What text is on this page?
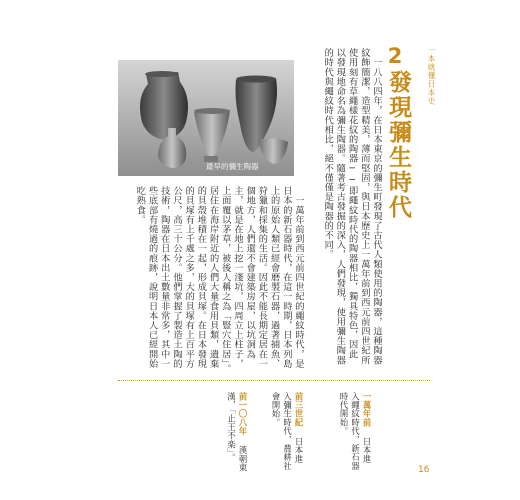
最早的彌生陶器
一本就懂日本史
2
發現彌生時代
　一八八四年，在日本東京的彌生町發現了古代人類使用的陶器，這種陶器紋飾簡潔，造型精美，薄而堅固，與日本歷史上一萬年前到西元前四世紀所使用刻有草繩樣花紋的陶器──即繩紋時代的陶器相比，獨具特色，因此以發現地命名為彌生陶器。隨著考古發掘的深入，人們發現，使用彌生陶器的時代與繩紋時代相比，絕不僅僅是陶器的不同。
　一萬年前到西元前四世紀的繩紋時代，是日本的新石器時代，在這一時期，日本列島上的原始人類已經會磨製石器，過著捕魚、狩獵和採集的生活。因此不能長期定居在一個地方，人們還不會建築房屋，以坑洞為主，就是在地上挖一淺坑，四周立上柱子，上面覆以茅草，被後人稱之為「豎穴住居」。居住在海岸附近的人們大量食用貝類，遺棄的貝殼堆積在一起，形成貝塚。在日本發現的貝塚有上千處之多，大的貝塚有上百平方公尺，高三十公分。他們掌握了製造土陶的技術，陶器在日本出土數量非常多，其中一些底部有燒過的痕跡，說明日本人已經開始吃熟食。
一萬年前 日本進入繩紋時代，新石器時代開始。
前三世紀 日本進入彌生時代，農耕社會開始。
前一〇八年 漢朝東漢，「止王不楽」。
16
